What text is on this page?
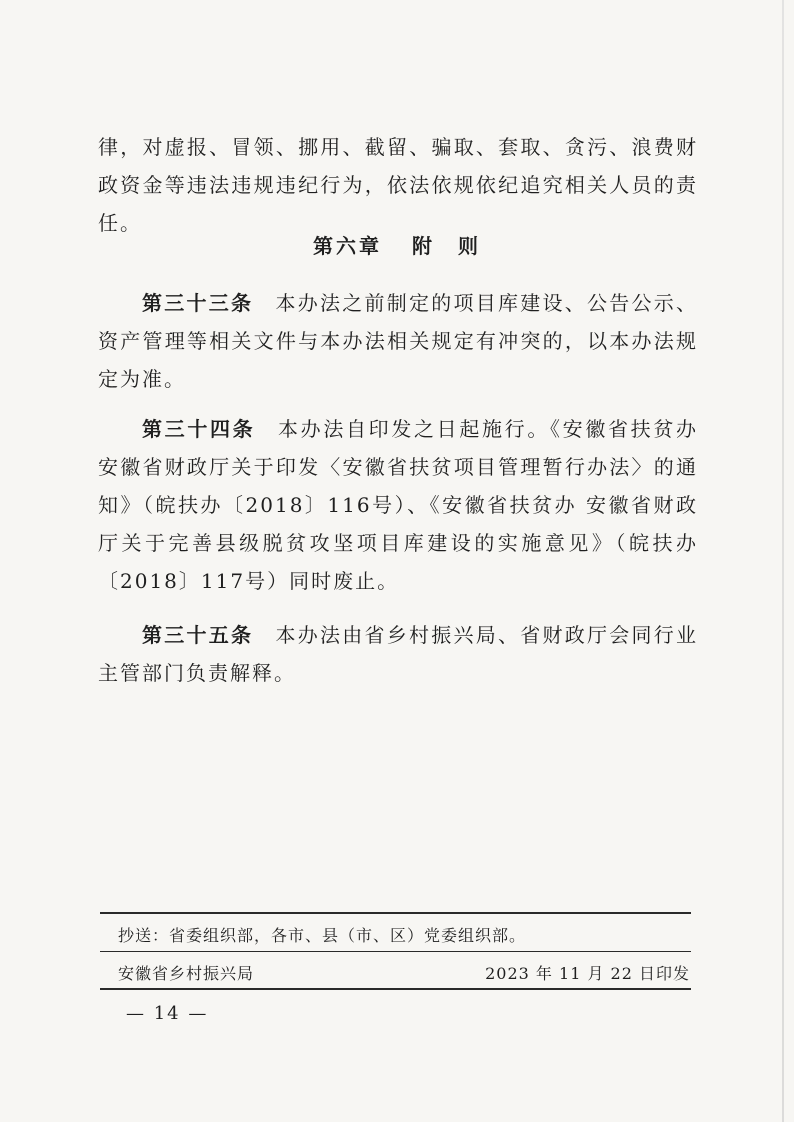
律，对虚报、冒领、挪用、截留、骗取、套取、贪污、浪费财政资金等违法违规违纪行为，依法依规依纪追究相关人员的责任。
第六章 附　则
第三十三条　 本办法之前制定的项目库建设、公告公示、资产管理等相关文件与本办法相关规定有冲突的，以本办法规定为准。
第三十四条　 本办法自印发之日起施行。《安徽省扶贫办 安徽省财政厅关于印发〈安徽省扶贫项目管理暂行办法〉的通知》（皖扶办〔2018〕116号）、《安徽省扶贫办 安徽省财政厅关于完善县级脱贫攻坚项目库建设的实施意见》（皖扶办〔2018〕117号）同时废止。
第三十五条　 本办法由省乡村振兴局、省财政厅会同行业主管部门负责解释。
抄送：省委组织部，各市、县（市、区）党委组织部。
安徽省乡村振兴局	2023 年 11 月 22 日印发
— 14 —
